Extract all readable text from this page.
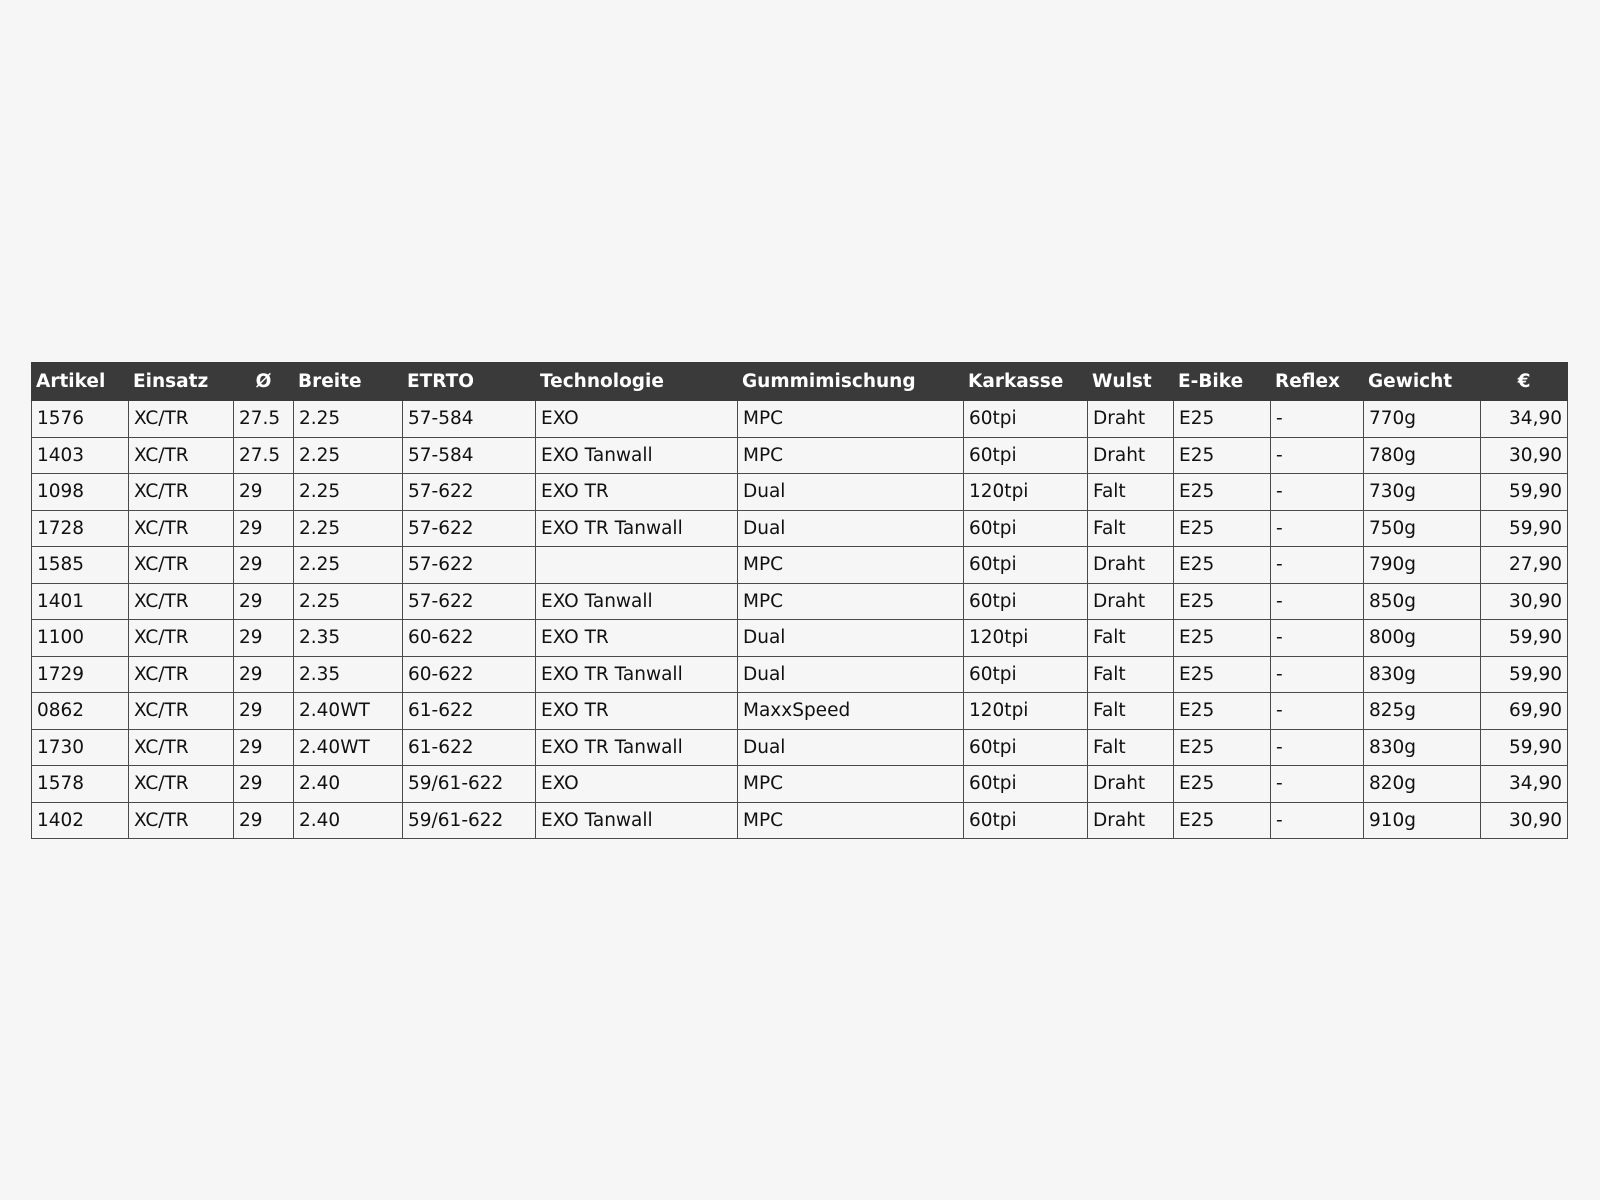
Artikel	Einsatz	Ø	Breite	ETRTO	Technologie	Gummimischung	Karkasse	Wulst	E-Bike	Reflex	Gewicht	€
1576	XC/TR	27.5	2.25	57-584	EXO	MPC	60tpi	Draht	E25	-	770g	34,90
1403	XC/TR	27.5	2.25	57-584	EXO Tanwall	MPC	60tpi	Draht	E25	-	780g	30,90
1098	XC/TR	29	2.25	57-622	EXO TR	Dual	120tpi	Falt	E25	-	730g	59,90
1728	XC/TR	29	2.25	57-622	EXO TR Tanwall	Dual	60tpi	Falt	E25	-	750g	59,90
1585	XC/TR	29	2.25	57-622		MPC	60tpi	Draht	E25	-	790g	27,90
1401	XC/TR	29	2.25	57-622	EXO Tanwall	MPC	60tpi	Draht	E25	-	850g	30,90
1100	XC/TR	29	2.35	60-622	EXO TR	Dual	120tpi	Falt	E25	-	800g	59,90
1729	XC/TR	29	2.35	60-622	EXO TR Tanwall	Dual	60tpi	Falt	E25	-	830g	59,90
0862	XC/TR	29	2.40WT	61-622	EXO TR	MaxxSpeed	120tpi	Falt	E25	-	825g	69,90
1730	XC/TR	29	2.40WT	61-622	EXO TR Tanwall	Dual	60tpi	Falt	E25	-	830g	59,90
1578	XC/TR	29	2.40	59/61-622	EXO	MPC	60tpi	Draht	E25	-	820g	34,90
1402	XC/TR	29	2.40	59/61-622	EXO Tanwall	MPC	60tpi	Draht	E25	-	910g	30,90
